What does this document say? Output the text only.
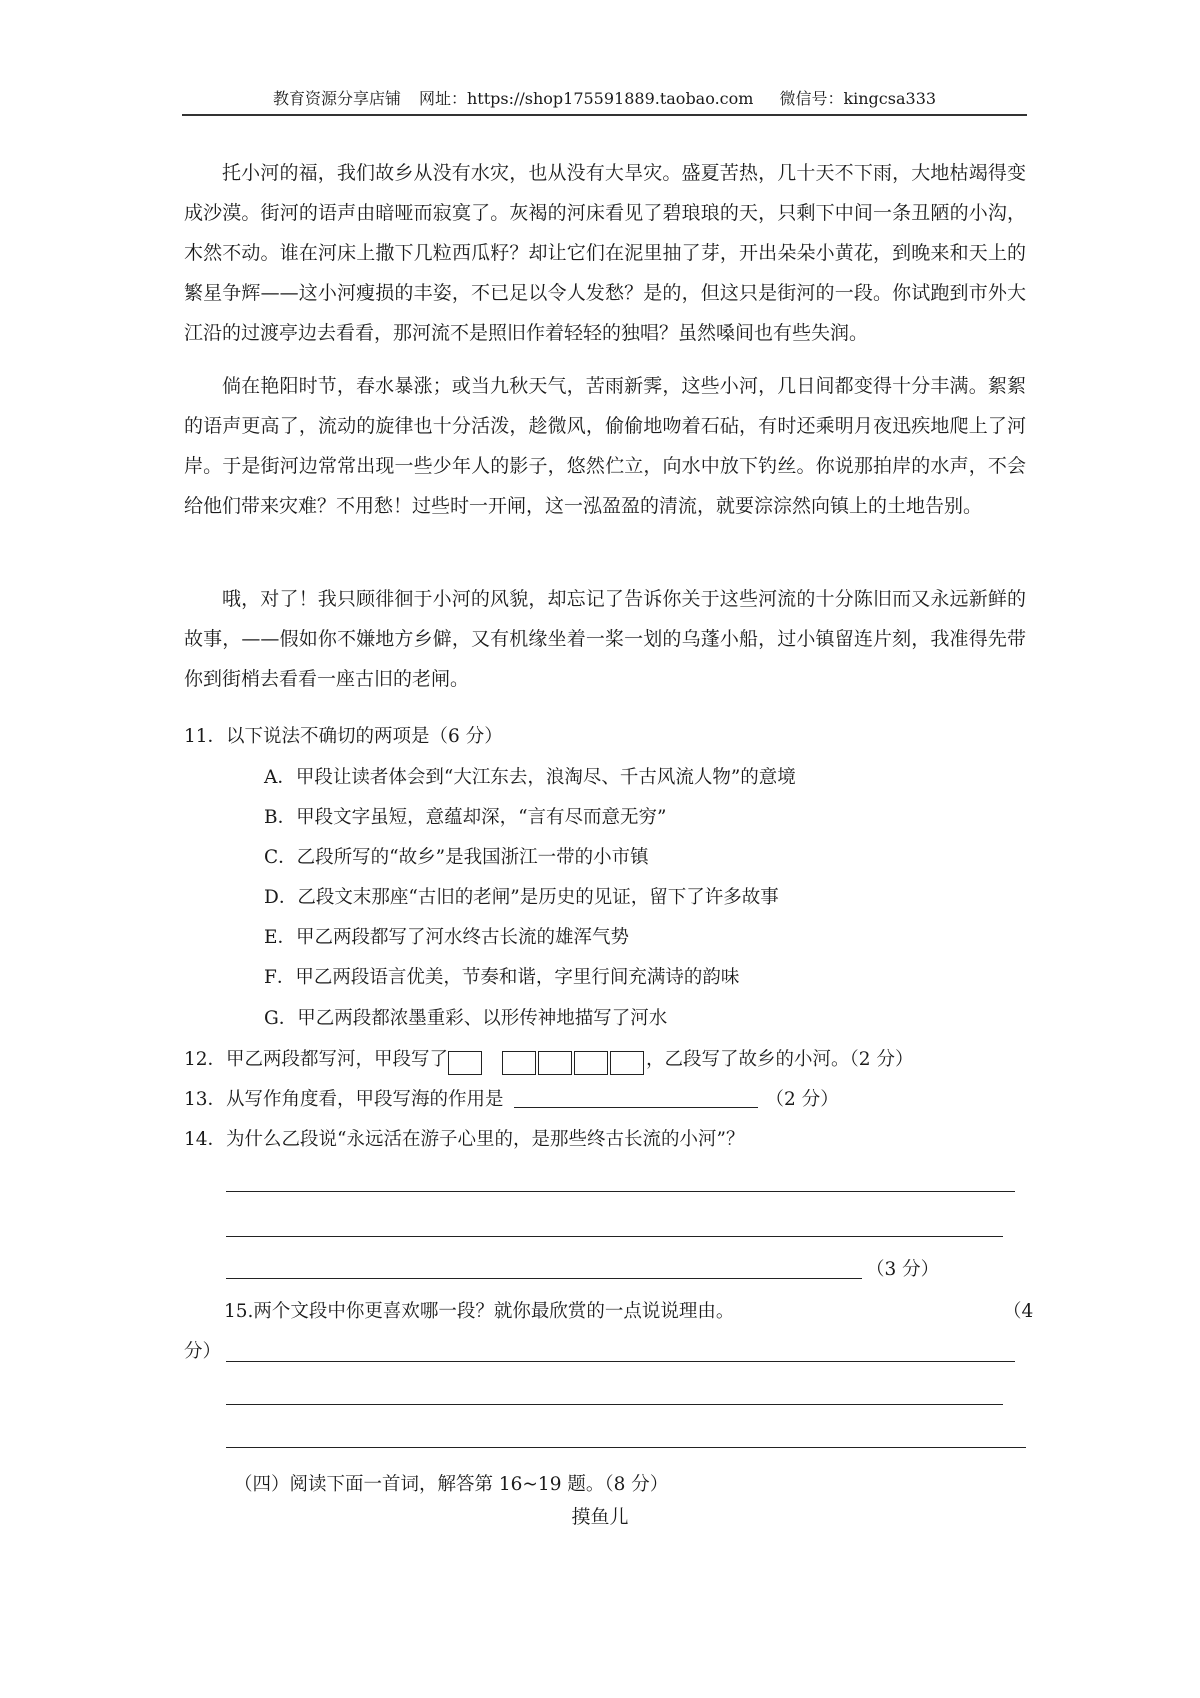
教育资源分享店铺 网址：https://shop175591889.taobao.com 微信号：kingcsa333

托小河的福，我们故乡从没有水灾，也从没有大旱灾。盛夏苦热，几十天不下雨，大地枯竭得变成沙漠。街河的语声由暗哑而寂寞了。灰褐的河床看见了碧琅琅的天，只剩下中间一条丑陋的小沟，木然不动。谁在河床上撒下几粒西瓜籽？却让它们在泥里抽了芽，开出朵朵小黄花，到晚来和天上的繁星争辉——这小河瘦损的丰姿，不已足以令人发愁？是的，但这只是街河的一段。你试跑到市外大江沿的过渡亭边去看看，那河流不是照旧作着轻轻的独唱？虽然嗓间也有些失润。

倘在艳阳时节，春水暴涨；或当九秋天气，苦雨新霁，这些小河，几日间都变得十分丰满。絮絮的语声更高了，流动的旋律也十分活泼，趁微风，偷偷地吻着石砧，有时还乘明月夜迅疾地爬上了河岸。于是街河边常常出现一些少年人的影子，悠然伫立，向水中放下钓丝。你说那拍岸的水声，不会给他们带来灾难？不用愁！过些时一开闸，这一泓盈盈的清流，就要淙淙然向镇上的土地告别。

哦，对了！我只顾徘徊于小河的风貌，却忘记了告诉你关于这些河流的十分陈旧而又永远新鲜的故事，——假如你不嫌地方乡僻，又有机缘坐着一桨一划的乌蓬小船，过小镇留连片刻，我准得先带你到街梢去看看一座古旧的老闸。

11．以下说法不确切的两项是（6 分）
A．甲段让读者体会到“大江东去，浪淘尽、千古风流人物”的意境
B．甲段文字虽短，意蕴却深，“言有尽而意无穷”
C．乙段所写的“故乡”是我国浙江一带的小市镇
D．乙段文末那座“古旧的老闸”是历史的见证，留下了许多故事
E．甲乙两段都写了河水终古长流的雄浑气势
F．甲乙两段语言优美，节奏和谐，字里行间充满诗的韵味
G．甲乙两段都浓墨重彩、以形传神地描写了河水
12．甲乙两段都写河，甲段写了	，乙段写了故乡的小河。（2 分）
13．从写作角度看，甲段写海的作用是	（2 分）
14．为什么乙段说“永远活在游子心里的，是那些终古长流的小河”？
（3 分）
15.两个文段中你更喜欢哪一段？就你最欣赏的一点说说理由。	（4
分）
（四）阅读下面一首词，解答第 16~19 题。（8 分）
摸鱼儿
